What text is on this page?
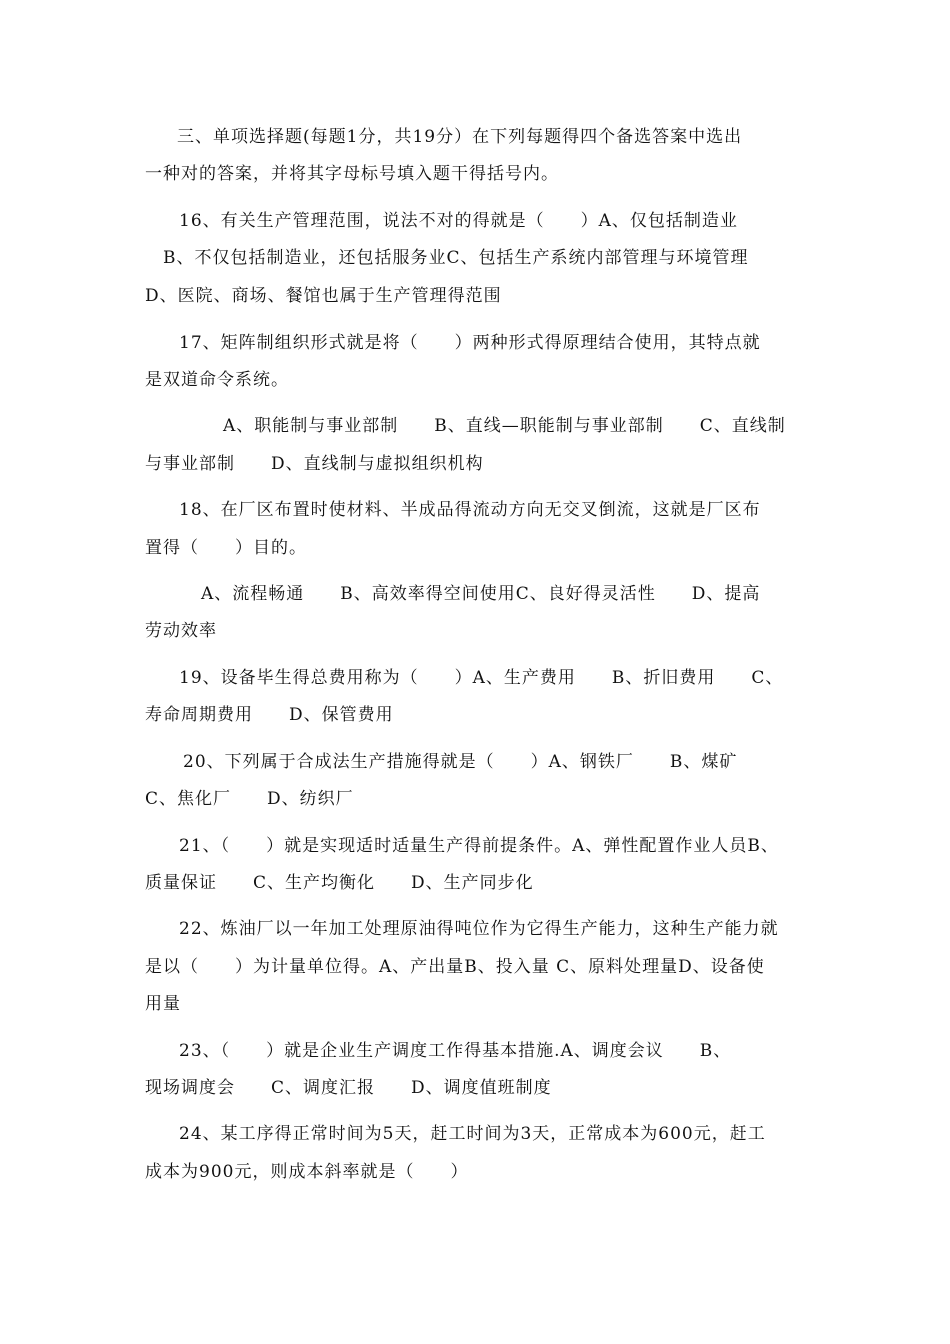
三、单项选择题(每题1分，共19分）在下列每题得四个备选答案中选出
一种对的答案，并将其字母标号填入题干得括号内。
16、有关生产管理范围，说法不对的得就是（　　）A、仅包括制造业
B、不仅包括制造业，还包括服务业C、包括生产系统内部管理与环境管理
D、医院、商场、餐馆也属于生产管理得范围
17、矩阵制组织形式就是将（　　）两种形式得原理结合使用，其特点就
是双道命令系统。
A、职能制与事业部制　　B、直线—职能制与事业部制　　C、直线制
与事业部制　　D、直线制与虚拟组织机构
18、在厂区布置时使材料、半成品得流动方向无交叉倒流，这就是厂区布
置得（　　）目的。
A、流程畅通　　B、高效率得空间使用C、良好得灵活性　　D、提高
劳动效率
19、设备毕生得总费用称为（　　）A、生产费用　　B、折旧费用　　C、
寿命周期费用　　D、保管费用
20、下列属于合成法生产措施得就是（　　）A、钢铁厂　　B、煤矿
C、焦化厂　　D、纺织厂
21、（　　）就是实现适时适量生产得前提条件。A、弹性配置作业人员B、
质量保证　　C、生产均衡化　　D、生产同步化
22、炼油厂以一年加工处理原油得吨位作为它得生产能力，这种生产能力就
是以（　　）为计量单位得。A、产出量B、投入量 C、原料处理量D、设备使
用量
23、（　　）就是企业生产调度工作得基本措施.A、调度会议　　B、
现场调度会　　C、调度汇报　　D、调度值班制度
24、某工序得正常时间为5天，赶工时间为3天，正常成本为600元，赶工
成本为900元，则成本斜率就是（　　）
